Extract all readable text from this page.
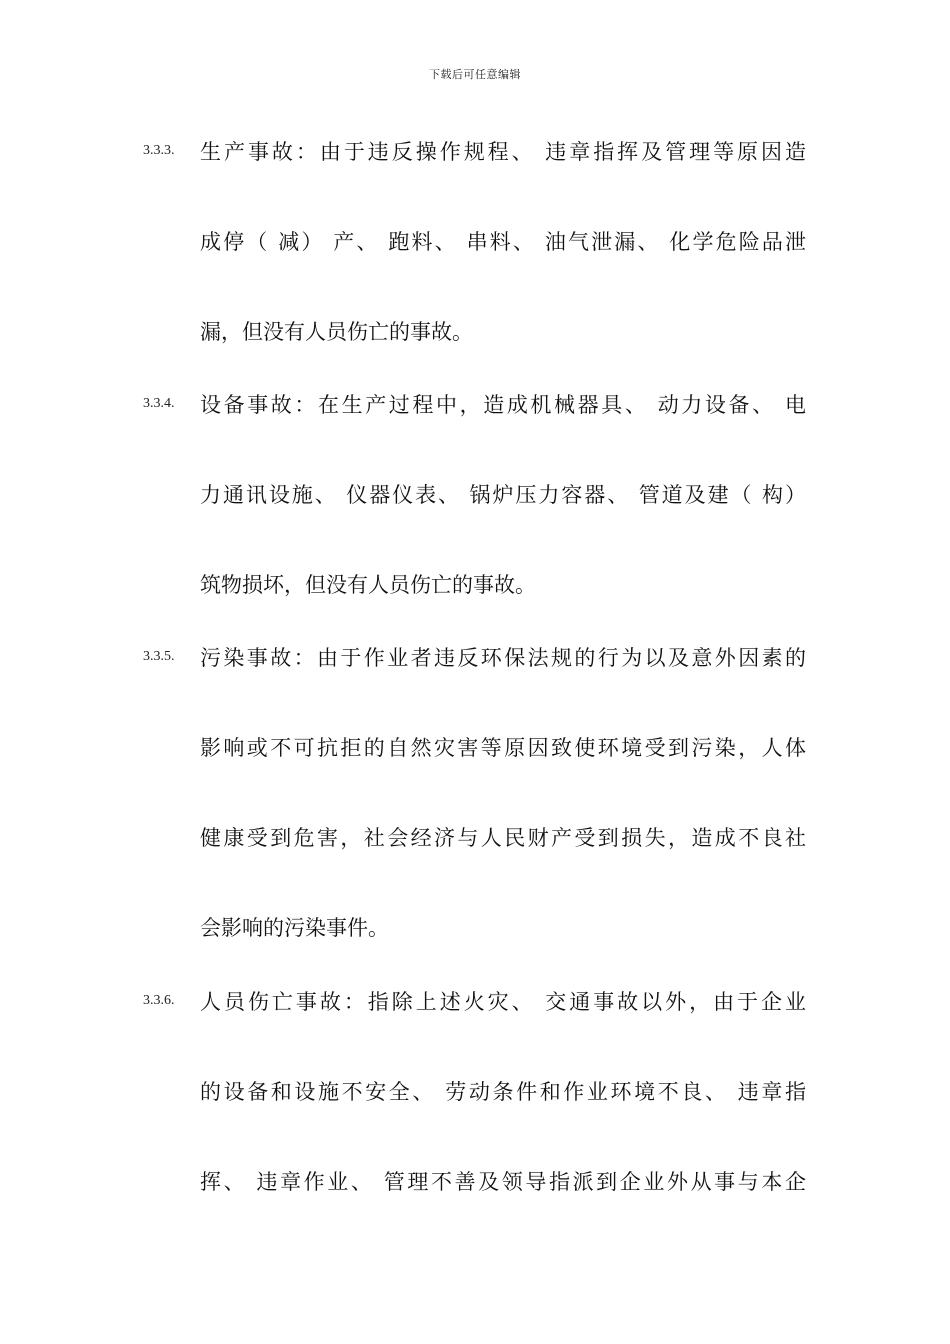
下载后可任意编辑
3.3.3. 生产事故：由于违反操作规程、 违章指挥及管理等原因造
成停（ 减） 产、 跑料、 串料、 油气泄漏、 化学危险品泄
漏，但没有人员伤亡的事故。
3.3.4. 设备事故：在生产过程中，造成机械器具、 动力设备、 电
力通讯设施、 仪器仪表、 锅炉压力容器、 管道及建（ 构）
筑物损坏，但没有人员伤亡的事故。
3.3.5. 污染事故：由于作业者违反环保法规的行为以及意外因素的
影响或不可抗拒的自然灾害等原因致使环境受到污染，人体
健康受到危害，社会经济与人民财产受到损失，造成不良社
会影响的污染事件。
3.3.6. 人员伤亡事故：指除上述火灾、 交通事故以外，由于企业
的设备和设施不安全、 劳动条件和作业环境不良、 违章指
挥、 违章作业、 管理不善及领导指派到企业外从事与本企
